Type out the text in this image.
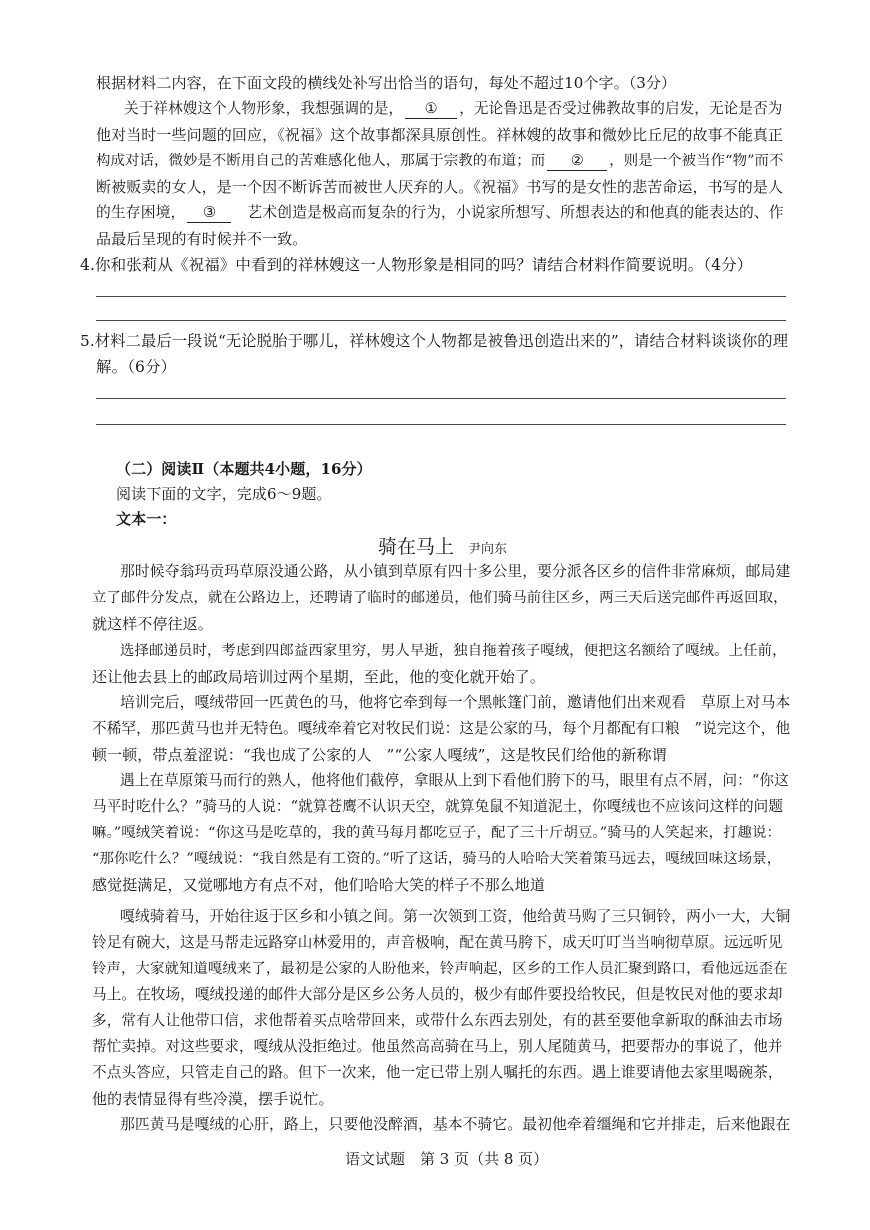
根据材料二内容，在下面文段的横线处补写出恰当的语句，每处不超过10个字。（3分）
关于祥林嫂这个人物形象，我想强调的是， ① ，无论鲁迅是否受过佛教故事的启发，无论是否为
他对当时一些问题的回应，《祝福》这个故事都深具原创性。祥林嫂的故事和微妙比丘尼的故事不能真正
构成对话，微妙是不断用自己的苦难感化他人，那属于宗教的布道；而 ② ，则是一个被当作“物”而不
断被贩卖的女人，是一个因不断诉苦而被世人厌弃的人。《祝福》书写的是女性的悲苦命运，书写的是人
的生存困境， ③ 艺术创造是极高而复杂的行为，小说家所想写、所想表达的和他真的能表达的、作
品最后呈现的有时候并不一致。
4.你和张莉从《祝福》中看到的祥林嫂这一人物形象是相同的吗？请结合材料作简要说明。（4分）
5.材料二最后一段说“无论脱胎于哪儿，祥林嫂这个人物都是被鲁迅创造出来的”，请结合材料谈谈你的理
解。（6分）
（二）阅读Ⅱ（本题共4小题，16分）
阅读下面的文字，完成6～9题。
文本一：
骑在马上 尹向东
那时候夺翁玛贡玛草原没通公路，从小镇到草原有四十多公里，要分派各区乡的信件非常麻烦，邮局建
立了邮件分发点，就在公路边上，还聘请了临时的邮递员，他们骑马前往区乡，两三天后送完邮件再返回取，
就这样不停往返。
选择邮递员时，考虑到四郎益西家里穷，男人早逝，独自拖着孩子嘎绒，便把这名额给了嘎绒。上任前，
还让他去县上的邮政局培训过两个星期，至此，他的变化就开始了。
培训完后，嘎绒带回一匹黄色的马，他将它牵到每一个黑帐篷门前，邀请他们出来观看　草原上对马本
不稀罕，那匹黄马也并无特色。嘎绒牵着它对牧民们说：这是公家的马，每个月都配有口粮　”说完这个，他
顿一顿，带点羞涩说：“我也成了公家的人　”“公家人嘎绒”，这是牧民们给他的新称谓
遇上在草原策马而行的熟人，他将他们截停，拿眼从上到下看他们胯下的马，眼里有点不屑，问：“你这
马平时吃什么？”骑马的人说：“就算苍鹰不认识天空，就算兔鼠不知道泥土，你嘎绒也不应该问这样的问题
嘛。”嘎绒笑着说：“你这马是吃草的，我的黄马每月都吃豆子，配了三十斤胡豆。”骑马的人笑起来，打趣说：
“那你吃什么？”嘎绒说：“我自然是有工资的。”听了这话，骑马的人哈哈大笑着策马远去，嘎绒回味这场景，
感觉挺满足，又觉哪地方有点不对，他们哈哈大笑的样子不那么地道
嘎绒骑着马，开始往返于区乡和小镇之间。第一次领到工资，他给黄马购了三只铜铃，两小一大，大铜
铃足有碗大，这是马帮走远路穿山林爱用的，声音极响，配在黄马胯下，成天叮叮当当响彻草原。远远听见
铃声，大家就知道嘎绒来了，最初是公家的人盼他来，铃声响起，区乡的工作人员汇聚到路口，看他远远歪在
马上。在牧场，嘎绒投递的邮件大部分是区乡公务人员的，极少有邮件要投给牧民，但是牧民对他的要求却
多，常有人让他带口信，求他帮着买点啥带回来，或带什么东西去别处，有的甚至要他拿新取的酥油去市场
帮忙卖掉。对这些要求，嘎绒从没拒绝过。他虽然高高骑在马上，别人尾随黄马，把要帮办的事说了，他并
不点头答应，只管走自己的路。但下一次来，他一定已带上别人嘱托的东西。遇上谁要请他去家里喝碗茶，
他的表情显得有些冷漠，摆手说忙。
那匹黄马是嘎绒的心肝，路上，只要他没醉酒，基本不骑它。最初他牵着缰绳和它并排走，后来他跟在
语文试题　第 3 页（共 8 页）
